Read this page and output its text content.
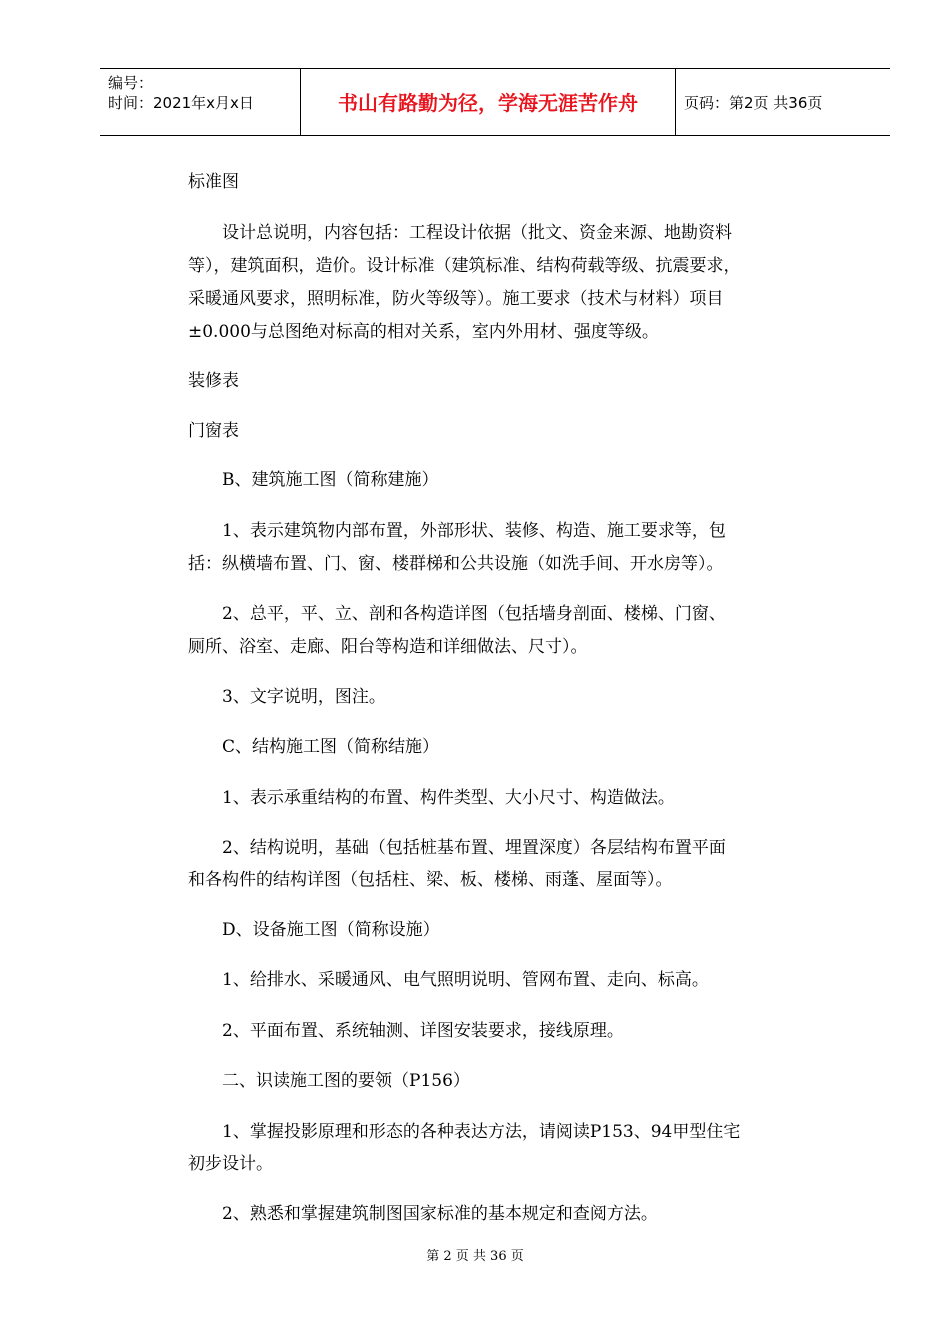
编号：
时间：2021年x月x日	书山有路勤为径，学海无涯苦作舟	页码：第2页 共36页
标准图
设计总说明，内容包括：工程设计依据（批文、资金来源、地勘资料
等），建筑面积，造价。设计标准（建筑标准、结构荷载等级、抗震要求，
采暖通风要求，照明标准，防火等级等）。施工要求（技术与材料）项目
±0.000与总图绝对标高的相对关系，室内外用材、强度等级。
装修表
门窗表
B、建筑施工图（简称建施）
1、表示建筑物内部布置，外部形状、装修、构造、施工要求等，包
括：纵横墙布置、门、窗、楼群梯和公共设施（如洗手间、开水房等）。
2、总平，平、立、剖和各构造详图（包括墙身剖面、楼梯、门窗、
厕所、浴室、走廊、阳台等构造和详细做法、尺寸）。
3、文字说明，图注。
C、结构施工图（简称结施）
1、表示承重结构的布置、构件类型、大小尺寸、构造做法。
2、结构说明，基础（包括桩基布置、埋置深度）各层结构布置平面
和各构件的结构详图（包括柱、梁、板、楼梯、雨蓬、屋面等）。
D、设备施工图（简称设施）
1、给排水、采暖通风、电气照明说明、管网布置、走向、标高。
2、平面布置、系统轴测、详图安装要求，接线原理。
二、识读施工图的要领（P156）
1、掌握投影原理和形态的各种表达方法，请阅读P153、94甲型住宅
初步设计。
2、熟悉和掌握建筑制图国家标准的基本规定和查阅方法。
第 2 页 共 36 页
